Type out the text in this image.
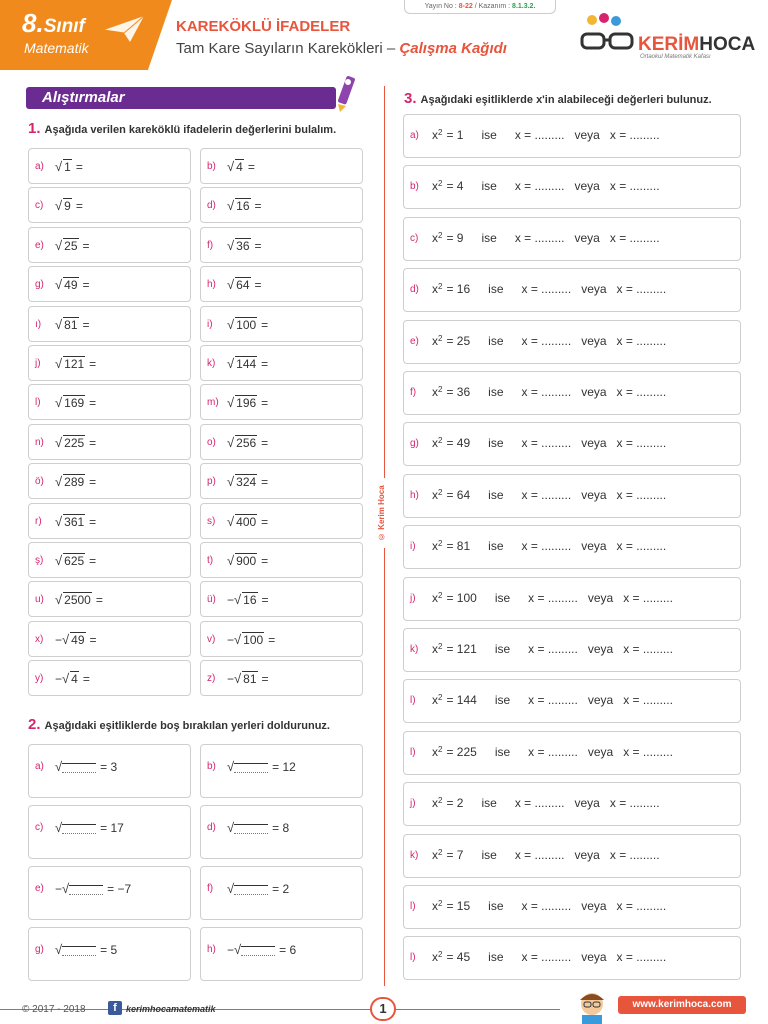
8.Sınıf
Matematik
KAREKÖKLÜ İFADELER
Tam Kare Sayıların Karekökleri – Çalışma Kağıdı
Yayın No : 8-22 / Kazanım : 8.1.3.2.
KERİMHOCA
Ortaokul Matematik Kafası
Alıştırmalar
© Kerim Hoca
1. Aşağıda verilen kareköklü ifadelerin değerlerini bulalım.
a) √ 1 =	b) √ 4 =
c) √ 9 =	d) √ 16 =
e) √ 25 =	f) √ 36 =
g) √ 49 =	h) √ 64 =
ı) √ 81 =	i) √ 100 =
j) √ 121 =	k) √ 144 =
l) √ 169 =	m) √ 196 =
n) √ 225 =	o) √ 256 =
ö) √ 289 =	p) √ 324 =
r) √ 361 =	s) √ 400 =
ş) √ 625 =	t) √ 900 =
u) √ 2500 =	ü) −√ 16 =
x) −√ 49 =	v) −√ 100 =
y) −√ 4 =	z) −√ 81 =
2. Aşağıdaki eşitliklerde boş bırakılan yerleri doldurunuz.
a) √	= 3	b) √	= 12
c) √	= 17	d) √	= 8
e) −√	= −7	f) √	= 2
g) √	= 5	h) −√	= 6
3. Aşağıdaki eşitliklerde x'in alabileceği değerleri bulunuz.
a) $x^2 = 1$ ise x = ......... veya x = .........
b) $x^2 = 4$ ise x = ......... veya x = .........
c) $x^2 = 9$ ise x = ......... veya x = .........
d) $x^2 = 16$ ise x = ......... veya x = .........
e) $x^2 = 25$ ise x = ......... veya x = .........
f) $x^2 = 36$ ise x = ......... veya x = .........
g) $x^2 = 49$ ise x = ......... veya x = .........
h) $x^2 = 64$ ise x = ......... veya x = .........
i) $x^2 = 81$ ise x = ......... veya x = .........
j) $x^2 = 100$ ise x = ......... veya x = .........
k) $x^2 = 121$ ise x = ......... veya x = .........
l) $x^2 = 144$ ise x = ......... veya x = .........
l) $x^2 = 225$ ise x = ......... veya x = .........
j) $x^2 = 2$ ise x = ......... veya x = .........
k) $x^2 = 7$ ise x = ......... veya x = .........
l) $x^2 = 15$ ise x = ......... veya x = .........
l) $x^2 = 45$ ise x = ......... veya x = .........
© 2017 - 2018	f	kerimhocamatematik	1	www.kerimhoca.com
